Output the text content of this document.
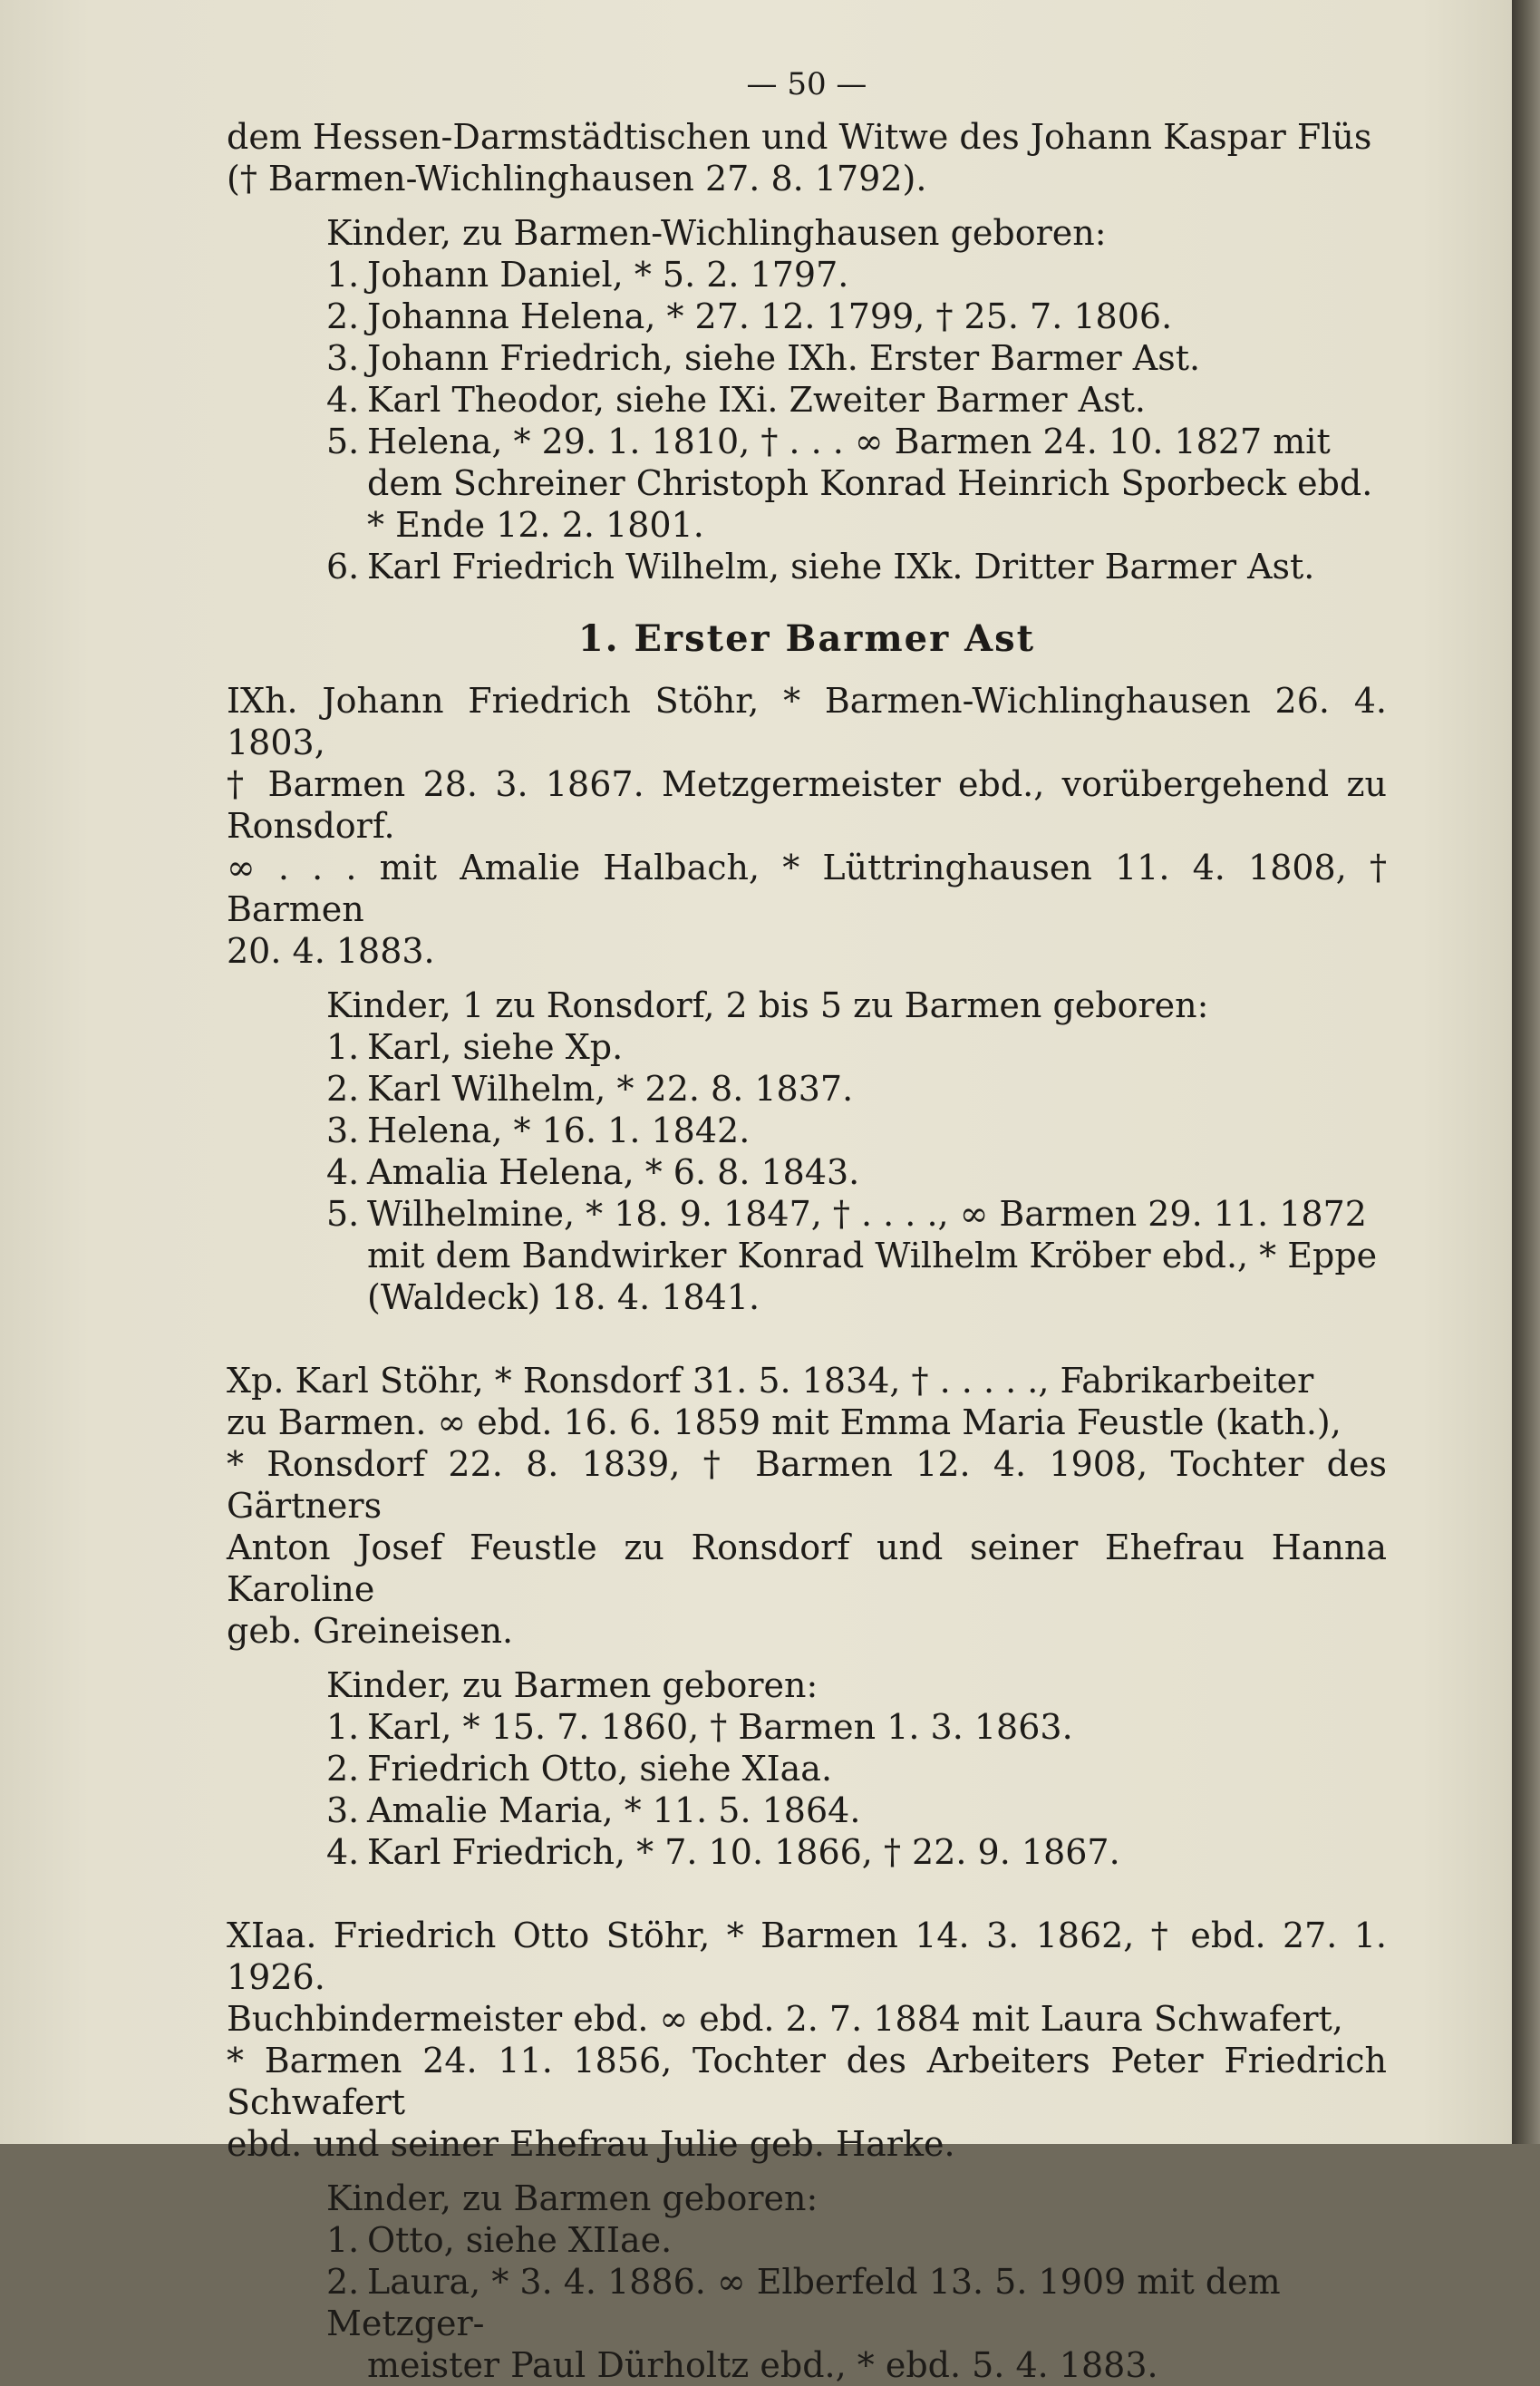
— 50 —
dem Hessen-Darmstädtischen und Witwe des Johann Kaspar Flüs
(† Barmen-Wichlinghausen 27. 8. 1792).
Kinder, zu Barmen-Wichlinghausen geboren:
1. Johann Daniel, * 5. 2. 1797.
2. Johanna Helena, * 27. 12. 1799, † 25. 7. 1806.
3. Johann Friedrich, siehe IXh. Erster Barmer Ast.
4. Karl Theodor, siehe IXi. Zweiter Barmer Ast.
5. Helena, * 29. 1. 1810, † . . . ∞ Barmen 24. 10. 1827 mit
dem Schreiner Christoph Konrad Heinrich Sporbeck ebd.
* Ende 12. 2. 1801.
6. Karl Friedrich Wilhelm, siehe IXk. Dritter Barmer Ast.
1. Erster Barmer Ast
IXh. Johann Friedrich Stöhr, * Barmen-Wichlinghausen 26. 4. 1803,
† Barmen 28. 3. 1867. Metzgermeister ebd., vorübergehend zu Ronsdorf.
∞ . . . mit Amalie Halbach, * Lüttringhausen 11. 4. 1808, † Barmen
20. 4. 1883.
Kinder, 1 zu Ronsdorf, 2 bis 5 zu Barmen geboren:
1. Karl, siehe Xp.
2. Karl Wilhelm, * 22. 8. 1837.
3. Helena, * 16. 1. 1842.
4. Amalia Helena, * 6. 8. 1843.
5. Wilhelmine, * 18. 9. 1847, † . . . ., ∞ Barmen 29. 11. 1872
mit dem Bandwirker Konrad Wilhelm Kröber ebd., * Eppe
(Waldeck) 18. 4. 1841.
Xp. Karl Stöhr, * Ronsdorf 31. 5. 1834, † . . . . ., Fabrikarbeiter
zu Barmen. ∞ ebd. 16. 6. 1859 mit Emma Maria Feustle (kath.),
* Ronsdorf 22. 8. 1839, † Barmen 12. 4. 1908, Tochter des Gärtners
Anton Josef Feustle zu Ronsdorf und seiner Ehefrau Hanna Karoline
geb. Greineisen.
Kinder, zu Barmen geboren:
1. Karl, * 15. 7. 1860, † Barmen 1. 3. 1863.
2. Friedrich Otto, siehe XIaa.
3. Amalie Maria, * 11. 5. 1864.
4. Karl Friedrich, * 7. 10. 1866, † 22. 9. 1867.
XIaa. Friedrich Otto Stöhr, * Barmen 14. 3. 1862, † ebd. 27. 1. 1926.
Buchbindermeister ebd. ∞ ebd. 2. 7. 1884 mit Laura Schwafert,
* Barmen 24. 11. 1856, Tochter des Arbeiters Peter Friedrich Schwafert
ebd. und seiner Ehefrau Julie geb. Harke.
Kinder, zu Barmen geboren:
1. Otto, siehe XIIae.
2. Laura, * 3. 4. 1886. ∞ Elberfeld 13. 5. 1909 mit dem Metzger-
meister Paul Dürholtz ebd., * ebd. 5. 4. 1883.
